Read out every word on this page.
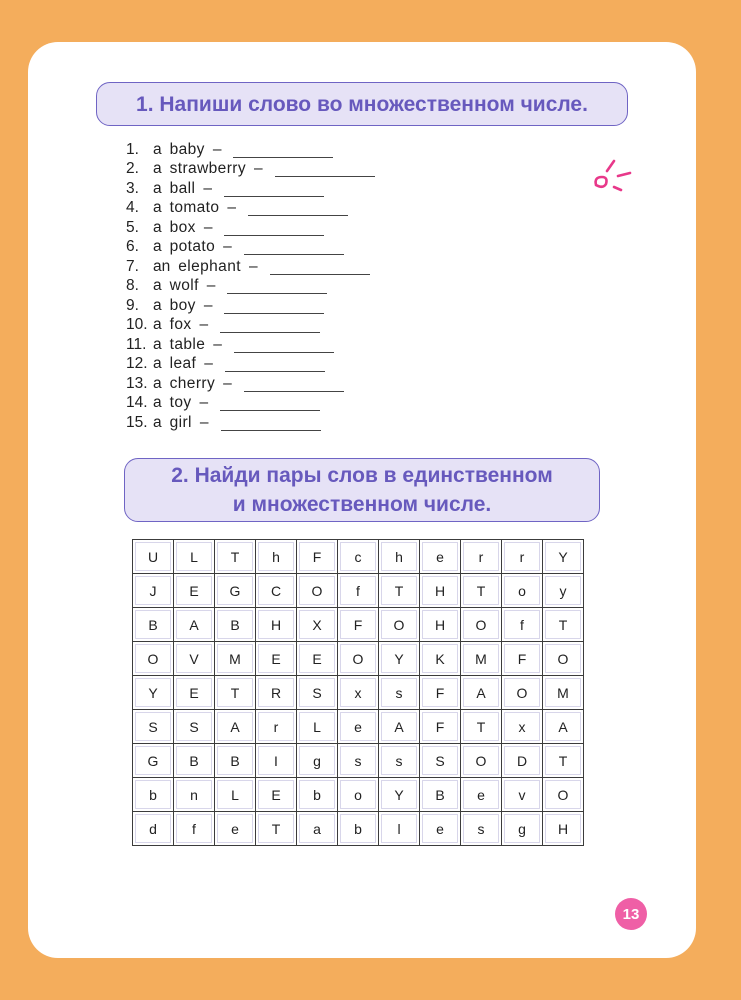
1. Напиши слово во множественном числе.
1. a baby –
2. a strawberry –
3. a ball –
4. a tomato –
5. a box –
6. a potato –
7. an elephant –
8. a wolf –
9. a boy –
10. a fox –
11. a table –
12. a leaf –
13. a cherry –
14. a toy –
15. a girl –
2. Найди пары слов в единственном
и множественном числе.
U	L	T	h	F	c	h	e	r	r	Y
J	E	G	C	O	f	T	H	T	o	y
B	A	B	H	X	F	O	H	O	f	T
O	V	M	E	E	O	Y	K	M	F	O
Y	E	T	R	S	x	s	F	A	O	M
S	S	A	r	L	e	A	F	T	x	A
G	B	B	I	g	s	s	S	O	D	T
b	n	L	E	b	o	Y	B	e	v	O
d	f	e	T	a	b	l	e	s	g	H
13
